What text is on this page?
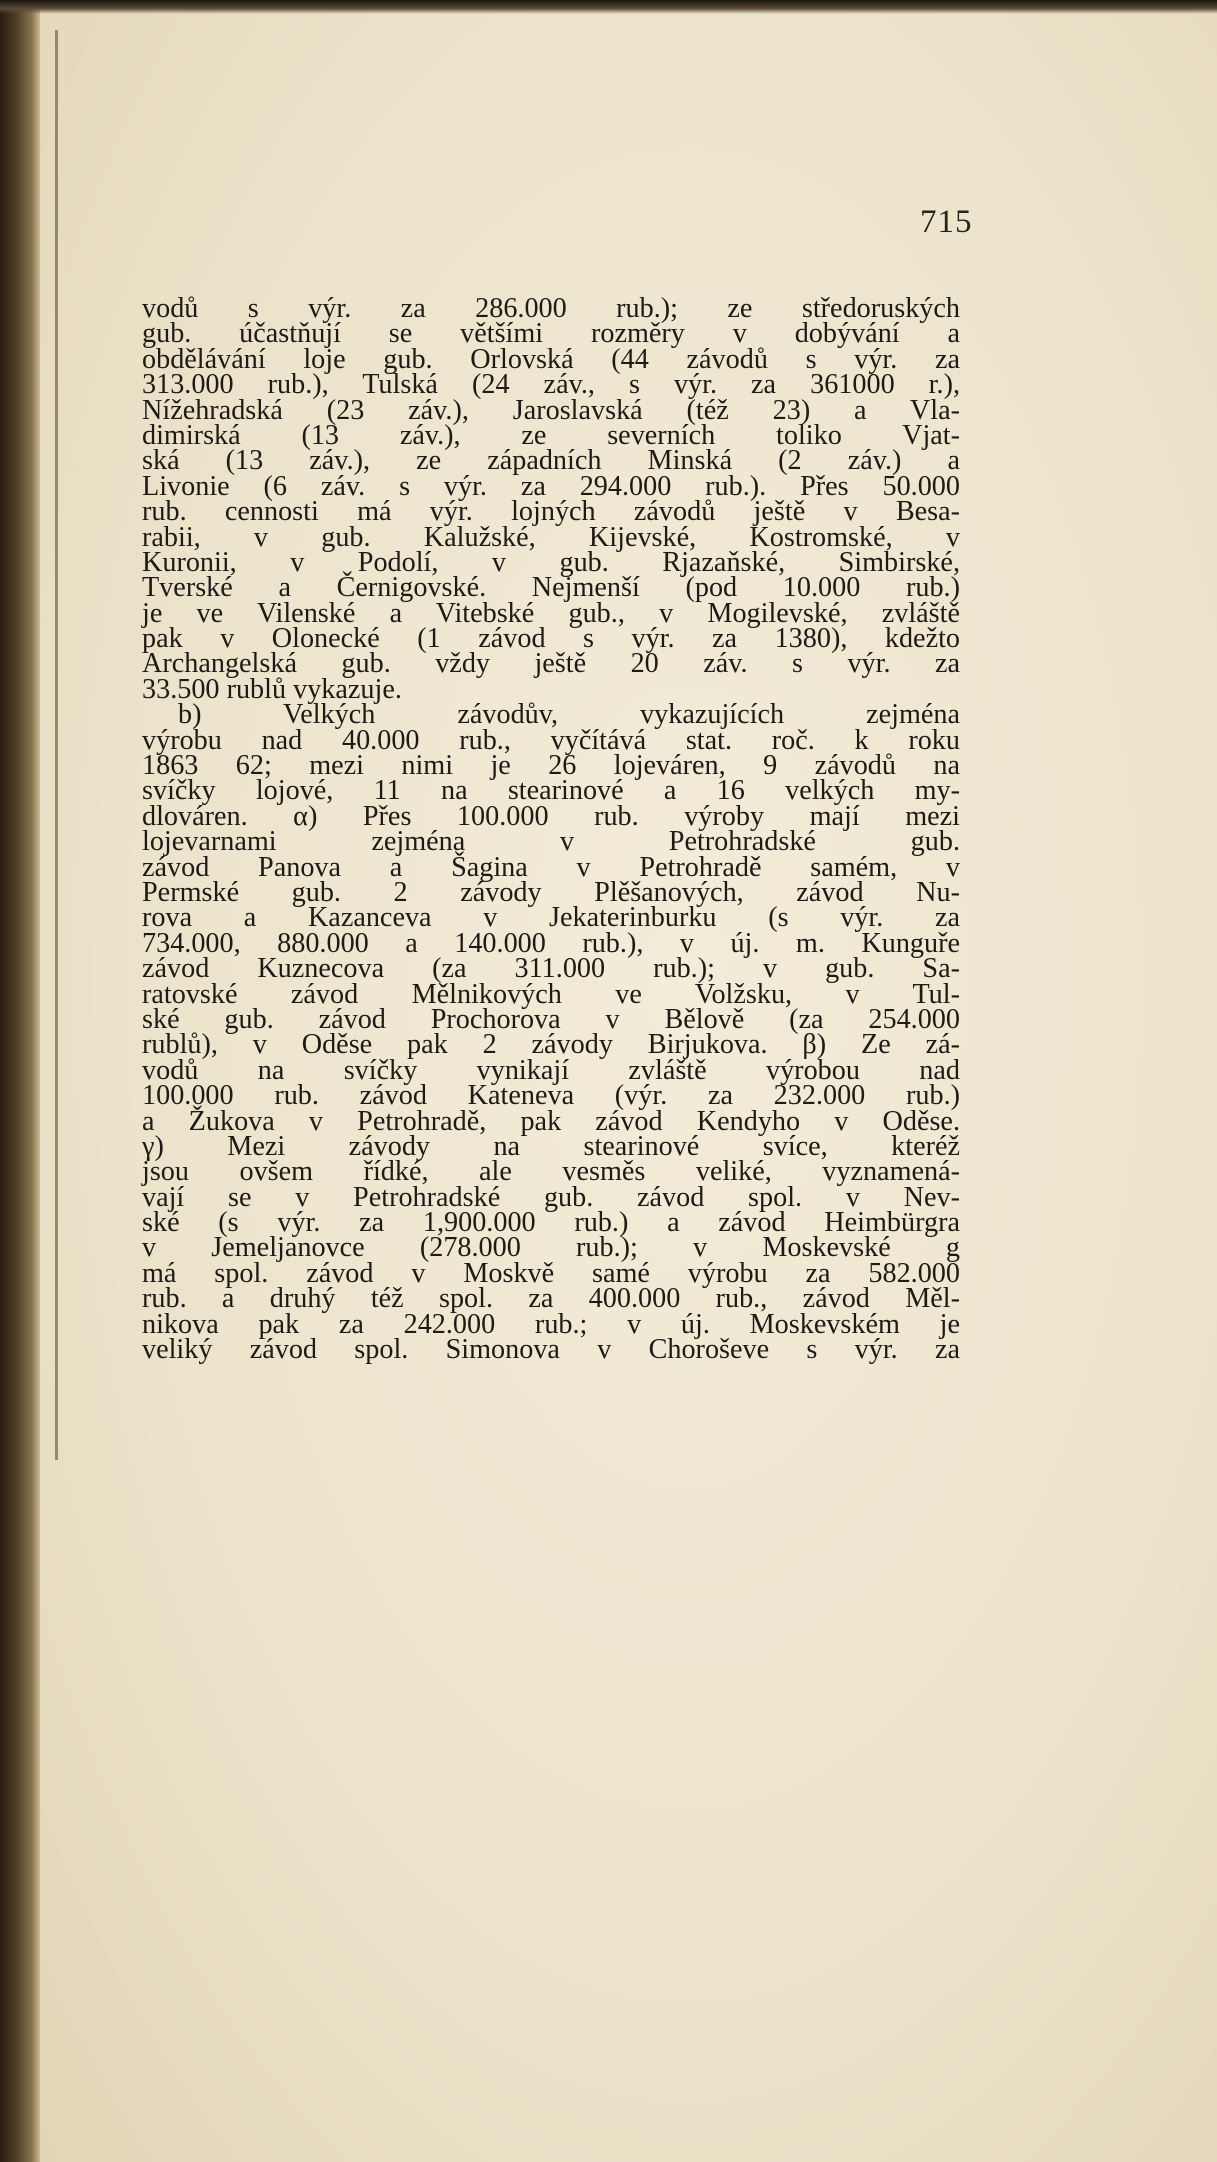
715
vodů s výr. za 286.000 rub.); ze středoruských
gub. účastňují se většími rozměry v dobývání a
obdělávání loje gub. Orlovská (44 závodů s výr. za
313.000 rub.), Tulská (24 záv., s výr. za 361000 r.),
Nížehradská (23 záv.), Jaroslavská (též 23) a Vla-
dimirská (13 záv.), ze severních toliko Vjat-
ská (13 záv.), ze západních Minská (2 záv.) a
Livonie (6 záv. s výr. za 294.000 rub.). Přes 50.000
rub. cennosti má výr. lojných závodů ještě v Besa-
rabii, v gub. Kalužské, Kijevské, Kostromské, v
Kuronii, v Podolí, v gub. Rjazaňské, Simbirské,
Tverské a Černigovské. Nejmenší (pod 10.000 rub.)
je ve Vilenské a Vitebské gub., v Mogilevské, zvláště
pak v Olonecké (1 závod s výr. za 1380), kdežto
Archangelská gub. vždy ještě 20 záv. s výr. za
33.500 rublů vykazuje.
b) Velkých závodův, vykazujících zejména
výrobu nad 40.000 rub., vyčítává stat. roč. k roku
1863 62; mezi nimi je 26 lojeváren, 9 závodů na
svíčky lojové, 11 na stearinové a 16 velkých my-
dlováren. α) Přes 100.000 rub. výroby mají mezi
lojevarnami zejména v Petrohradské gub.
závod Panova a Šagina v Petrohradě samém, v
Permské gub. 2 závody Plěšanových, závod Nu-
rova a Kazanceva v Jekaterinburku (s výr. za
734.000, 880.000 a 140.000 rub.), v új. m. Kunguře
závod Kuznecova (za 311.000 rub.); v gub. Sa-
ratovské závod Mělnikových ve Volžsku, v Tul-
ské gub. závod Prochorova v Bělově (za 254.000
rublů), v Oděse pak 2 závody Birjukova. β) Ze zá-
vodů na svíčky vynikají zvláště výrobou nad
100.000 rub. závod Kateneva (výr. za 232.000 rub.)
a Žukova v Petrohradě, pak závod Kendyho v Oděse.
γ) Mezi závody na stearinové svíce, kteréž
jsou ovšem řídké, ale vesměs veliké, vyznamená-
vají se v Petrohradské gub. závod spol. v Nev-
ské (s výr. za 1,900.000 rub.) a závod Heimbürgra
v Jemeljanovce (278.000 rub.); v Moskevské g
má spol. závod v Moskvě samé výrobu za 582.000
rub. a druhý též spol. za 400.000 rub., závod Měl-
nikova pak za 242.000 rub.; v új. Moskevském je
veliký závod spol. Simonova v Choroševe s výr. za
